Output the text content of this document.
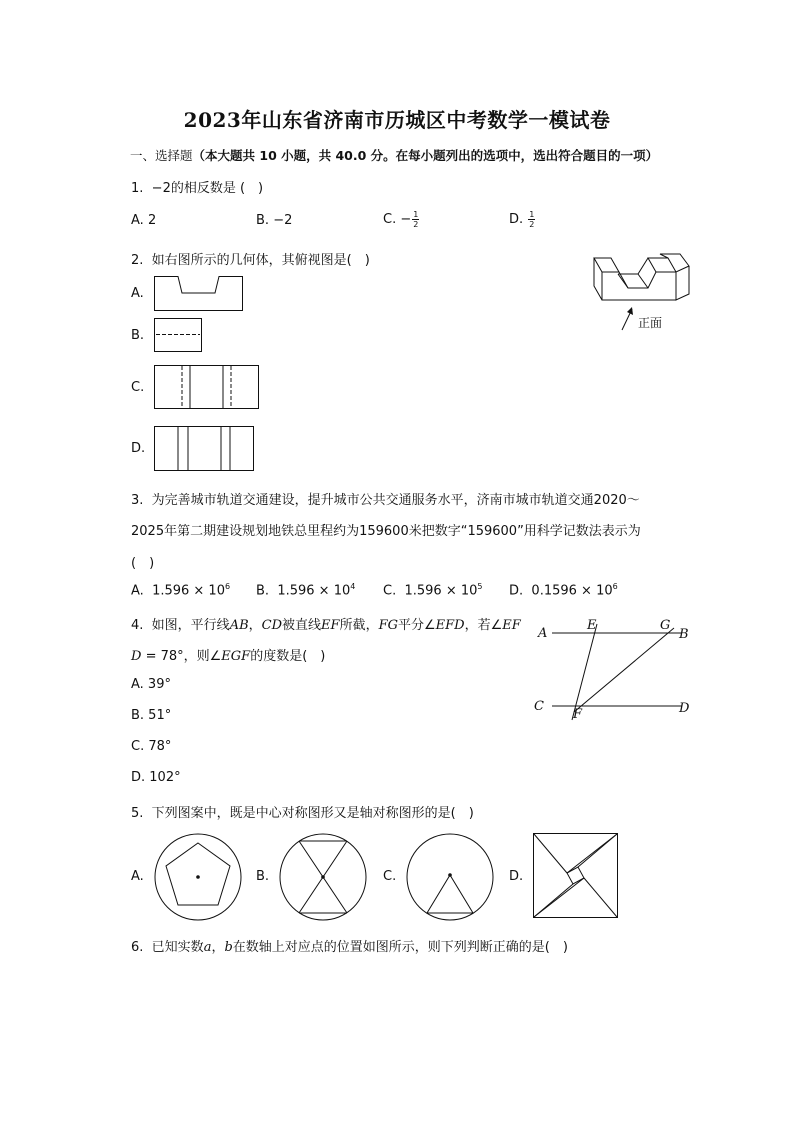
2023年山东省济南市历城区中考数学一模试卷
一、选择题（本大题共 10 小题，共 40.0 分。在每小题列出的选项中，选出符合题目的一项）
1. −2的相反数是 (　)
A. 2	B. −2	C. − $\frac{1}{2}$	D. $\frac{1}{2}$
2. 如右图所示的几何体，其俯视图是(　)
A.
B.
C.
D.
正面
3. 为完善城市轨道交通建设，提升城市公共交通服务水平，济南市城市轨道交通2020～
2025年第二期建设规划地铁总里程约为159600米把数字“159600”用科学记数法表示为
(　)
A. $1.596 \times 10^6$ B. $1.596 \times 10^4$ C. $1.596 \times 10^5$ D. $0.1596 \times 10^6$
4. 如图，平行线AB，CD被直线EF所截，FG平分∠EFD，若∠EF
D = 78°，则∠EGF的度数是(　)
A. 39°
B. 51°
C. 78°
D. 102°
A
E	G
B
C
F	D
5. 下列图案中，既是中心对称图形又是轴对称图形的是(　)
A.	B.	C.	D.
6. 已知实数a，b在数轴上对应点的位置如图所示，则下列判断正确的是(　)
